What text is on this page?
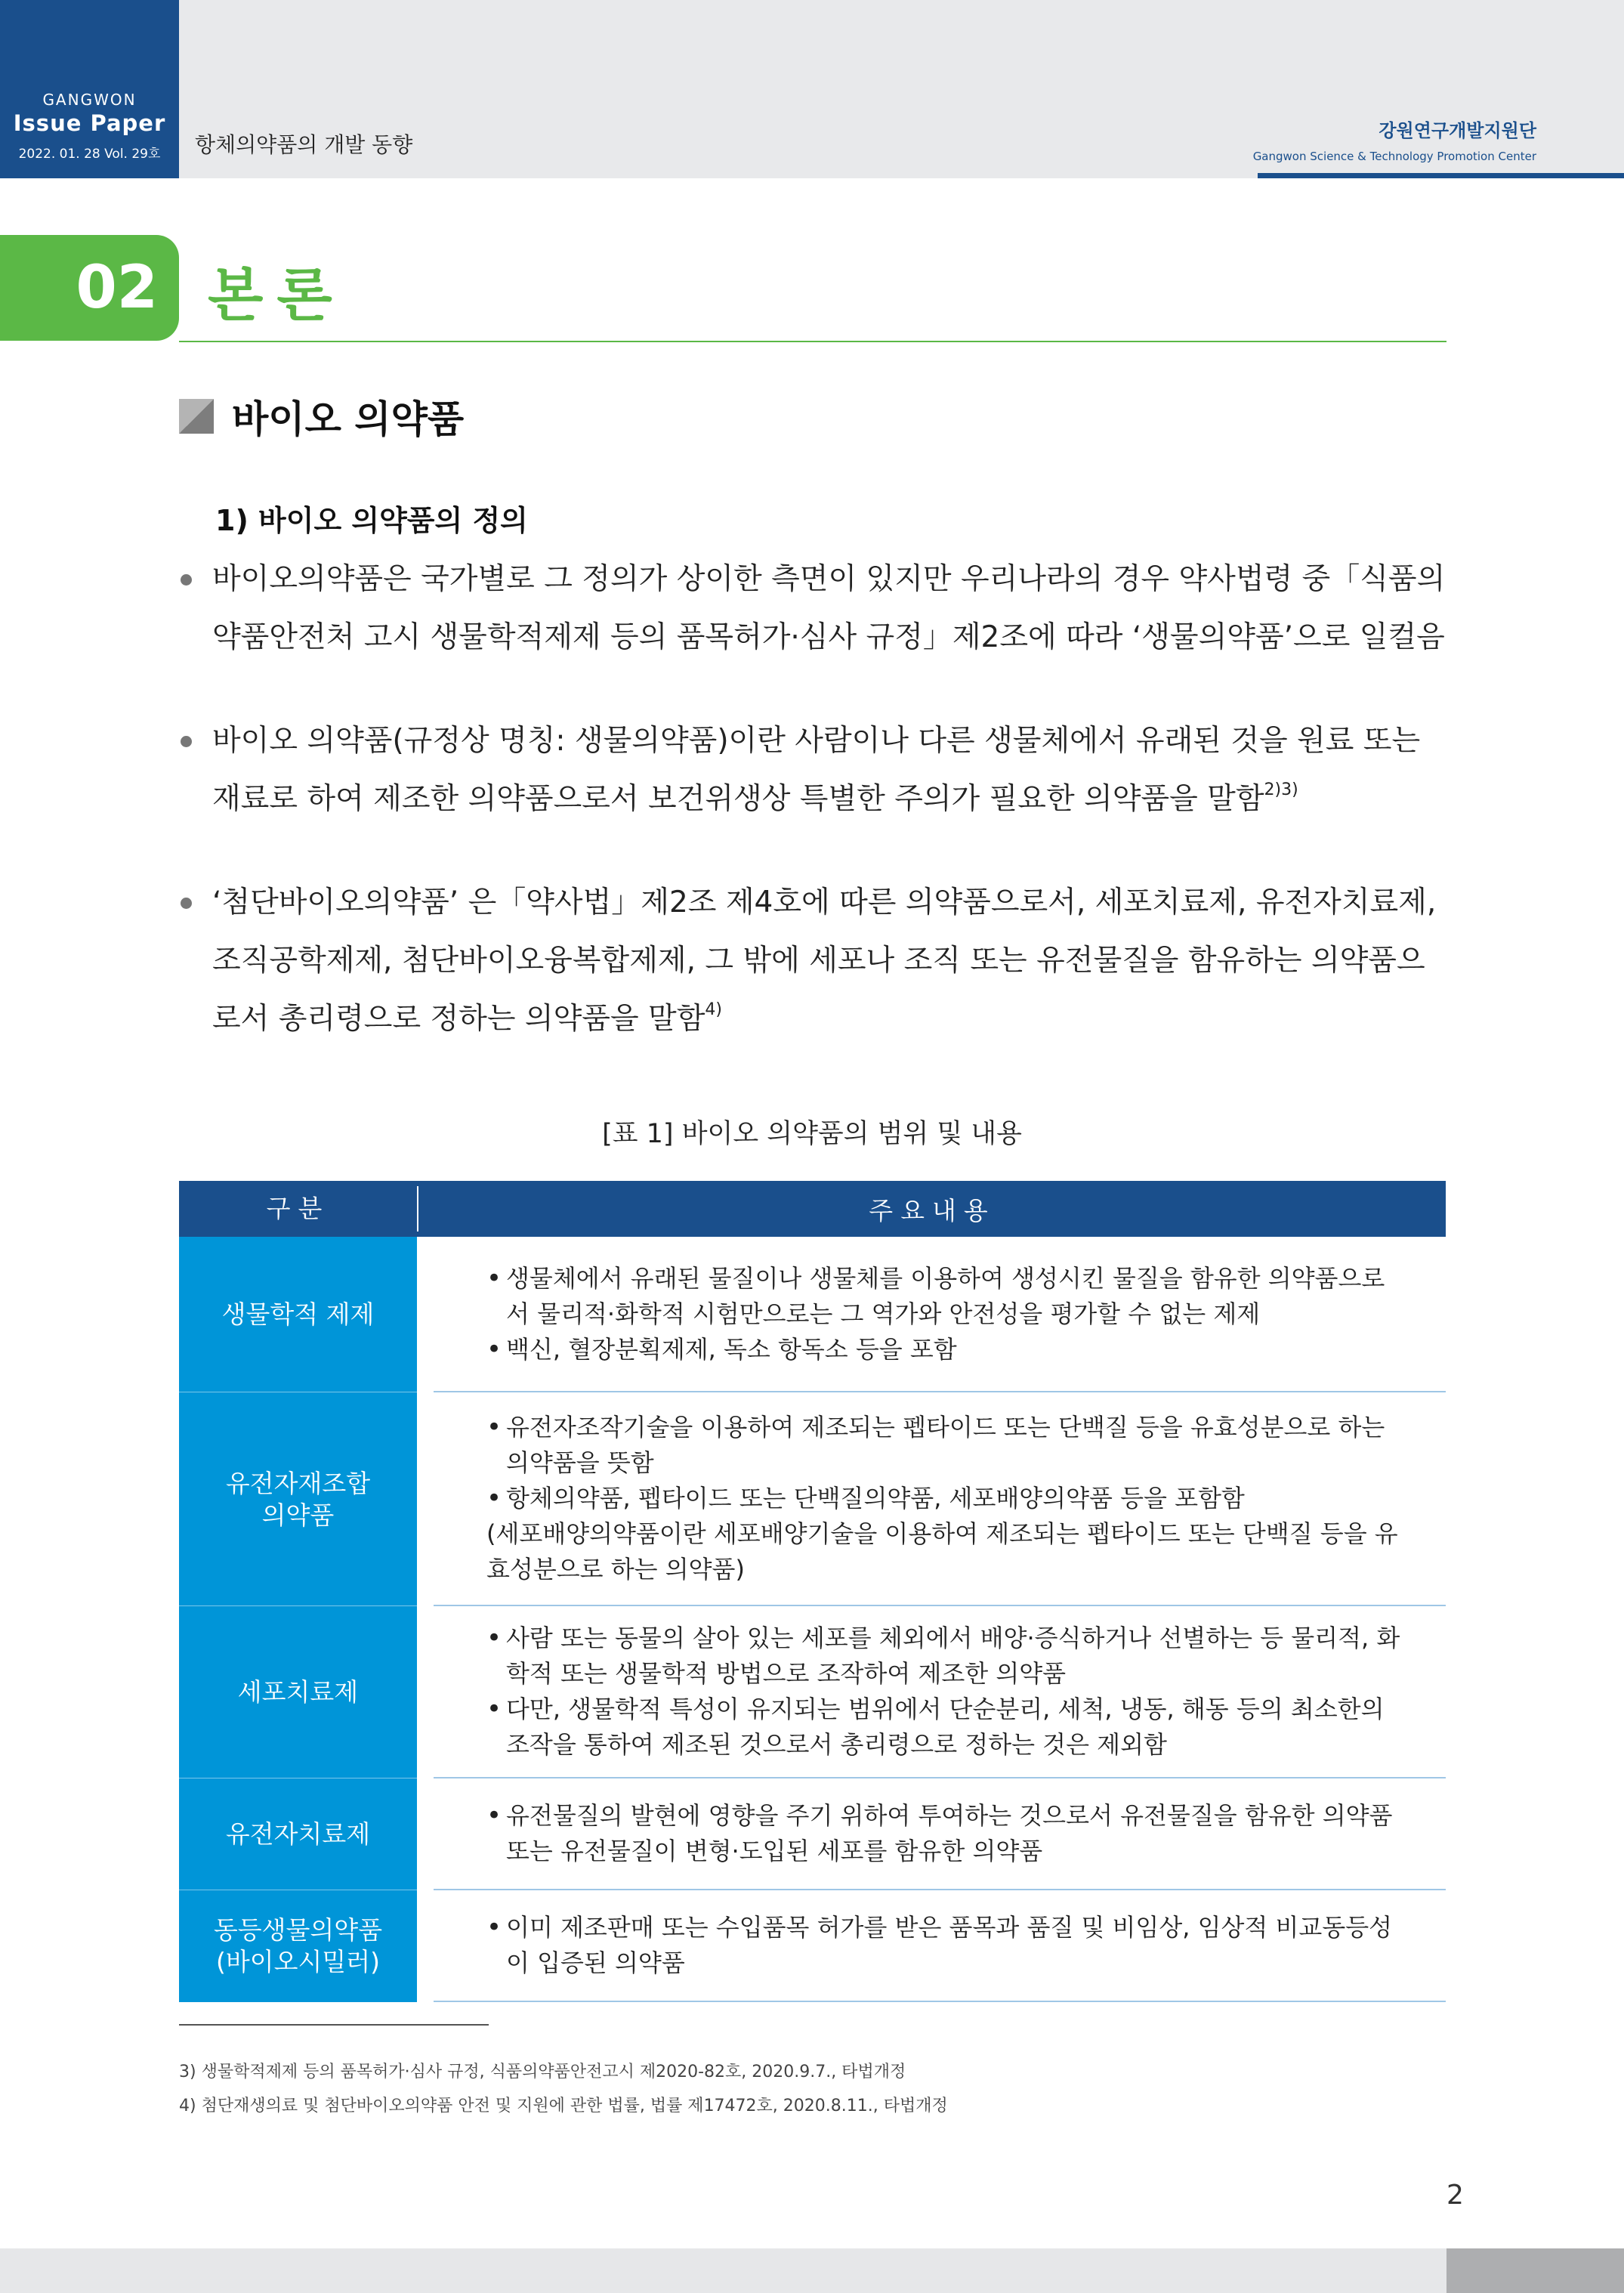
GANGWON
Issue Paper
2022. 01. 28 Vol. 29호	항체의약품의 개발 동향
강원연구개발지원단
Gangwon Science & Technology Promotion Center
02 본론
바이오 의약품
1) 바이오 의약품의 정의
바이오의약품은 국가별로 그 정의가 상이한 측면이 있지만 우리나라의 경우 약사법령 중「식품의약품안전처 고시 생물학적제제 등의 품목허가·심사 규정」제2조에 따라 ‘생물의약품’으로 일컬음
바이오 의약품(규정상 명칭: 생물의약품)이란 사람이나 다른 생물체에서 유래된 것을 원료 또는 재료로 하여 제조한 의약품으로서 보건위생상 특별한 주의가 필요한 의약품을 말함$^{2)3)}$
‘첨단바이오의약품’ 은「약사법」제2조 제4호에 따른 의약품으로서, 세포치료제, 유전자치료제, 조직공학제제, 첨단바이오융복합제제, 그 밖에 세포나 조직 또는 유전물질을 함유하는 의약품으로서 총리령으로 정하는 의약품을 말함$^{4)}$
[표 1] 바이오 의약품의 범위 및 내용
구분	주요내용
생물학적 제제
• 생물체에서 유래된 물질이나 생물체를 이용하여 생성시킨 물질을 함유한 의약품으로서 물리적·화학적 시험만으로는 그 역가와 안전성을 평가할 수 없는 제제
• 백신, 혈장분획제제, 독소 항독소 등을 포함
유전자재조합
의약품
• 유전자조작기술을 이용하여 제조되는 펩타이드 또는 단백질 등을 유효성분으로 하는 의약품을 뜻함
• 항체의약품, 펩타이드 또는 단백질의약품, 세포배양의약품 등을 포함함
(세포배양의약품이란 세포배양기술을 이용하여 제조되는 펩타이드 또는 단백질 등을 유효성분으로 하는 의약품)
세포치료제
• 사람 또는 동물의 살아 있는 세포를 체외에서 배양·증식하거나 선별하는 등 물리적, 화학적 또는 생물학적 방법으로 조작하여 제조한 의약품
• 다만, 생물학적 특성이 유지되는 범위에서 단순분리, 세척, 냉동, 해동 등의 최소한의 조작을 통하여 제조된 것으로서 총리령으로 정하는 것은 제외함
유전자치료제
• 유전물질의 발현에 영향을 주기 위하여 투여하는 것으로서 유전물질을 함유한 의약품 또는 유전물질이 변형·도입된 세포를 함유한 의약품
동등생물의약품
(바이오시밀러)
• 이미 제조판매 또는 수입품목 허가를 받은 품목과 품질 및 비임상, 임상적 비교동등성이 입증된 의약품
3) 생물학적제제 등의 품목허가·심사 규정, 식품의약품안전고시 제2020-82호, 2020.9.7., 타법개정
4) 첨단재생의료 및 첨단바이오의약품 안전 및 지원에 관한 법률, 법률 제17472호, 2020.8.11., 타법개정
2
